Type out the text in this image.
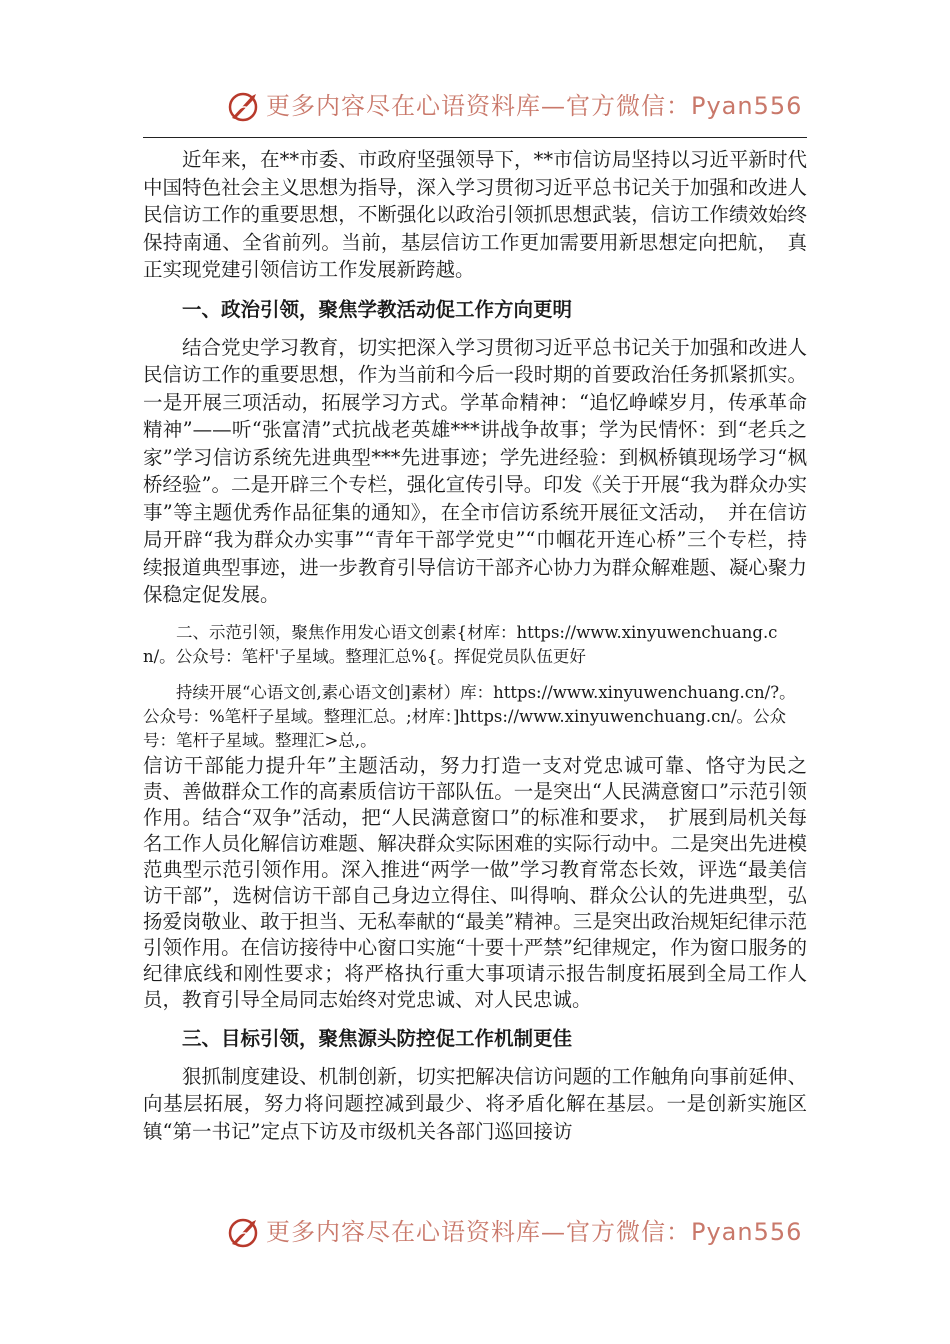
更多内容尽在心语资料库—官方微信：Pyan556

近年来，在**市委、市政府坚强领导下，**市信访局坚持以习近平新时代中国特色社会主义思想为指导，深入学习贯彻习近平总书记关于加强和改进人民信访工作的重要思想，不断强化以政治引领抓思想武装，信访工作绩效始终保持南通、全省前列。当前，基层信访工作更加需要用新思想定向把航，　真正实现党建引领信访工作发展新跨越。

一、政治引领，聚焦学教活动促工作方向更明

结合党史学习教育，切实把深入学习贯彻习近平总书记关于加强和改进人民信访工作的重要思想，作为当前和今后一段时期的首要政治任务抓紧抓实。一是开展三项活动，拓展学习方式。学革命精神：“追忆峥嵘岁月，传承革命精神”——听“张富清”式抗战老英雄***讲战争故事；学为民情怀：到“老兵之家”学习信访系统先进典型***先进事迹；学先进经验：到枫桥镇现场学习“枫桥经验”。二是开辟三个专栏，强化宣传引导。印发《关于开展“我为群众办实事”等主题优秀作品征集的通知》，在全市信访系统开展征文活动，　并在信访局开辟“我为群众办实事”“青年干部学党史”“巾帼花开连心桥”三个专栏，持续报道典型事迹，进一步教育引导信访干部齐心协力为群众解难题、凝心聚力保稳定促发展。

二、示范引领，聚焦作用发心语文创素{材库：https://www.xinyuwenchuang.cn/。公众号：笔杆'子星域。整理汇总%{。挥促党员队伍更好

持续开展“心语文创,素心语文创]素材）库：https://www.xinyuwenchuang.cn/?。公众号：%笔杆子星域。整理汇总。;材库：]https://www.xinyuwenchuang.cn/。公众号：笔杆子星域。整理汇>总,。

信访干部能力提升年”主题活动，努力打造一支对党忠诚可靠、恪守为民之责、善做群众工作的高素质信访干部队伍。一是突出“人民满意窗口”示范引领作用。结合“双争”活动，把“人民满意窗口”的标准和要求，　扩展到局机关每名工作人员化解信访难题、解决群众实际困难的实际行动中。二是突出先进模范典型示范引领作用。深入推进“两学一做”学习教育常态长效，评选“最美信访干部”，选树信访干部自己身边立得住、叫得响、群众公认的先进典型，弘扬爱岗敬业、敢于担当、无私奉献的“最美”精神。三是突出政治规矩纪律示范引领作用。在信访接待中心窗口实施“十要十严禁”纪律规定，作为窗口服务的纪律底线和刚性要求；将严格执行重大事项请示报告制度拓展到全局工作人员，教育引导全局同志始终对党忠诚、对人民忠诚。

三、目标引领，聚焦源头防控促工作机制更佳

狠抓制度建设、机制创新，切实把解决信访问题的工作触角向事前延伸、向基层拓展，努力将问题控减到最少、将矛盾化解在基层。一是创新实施区镇“第一书记”定点下访及市级机关各部门巡回接访

更多内容尽在心语资料库—官方微信：Pyan556
